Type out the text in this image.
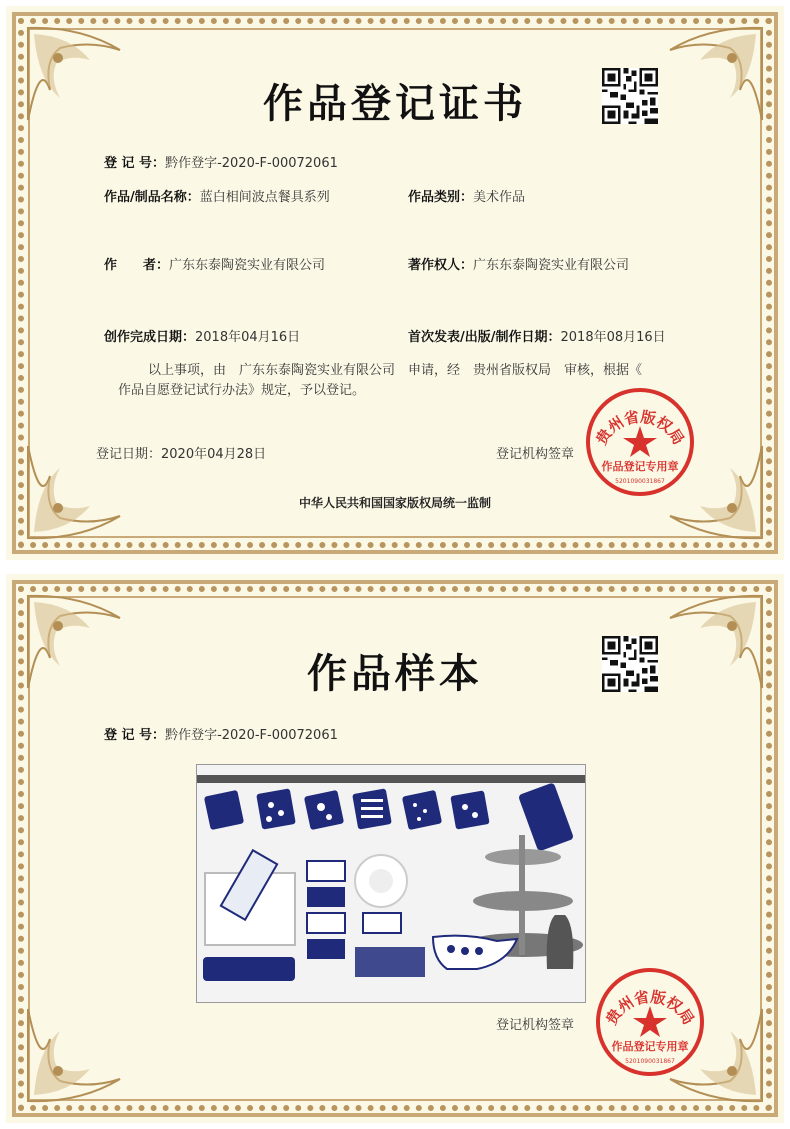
作品登记证书
登 记 号：黔作登字-2020-F-00072061
作品/制品名称：蓝白相间波点餐具系列	作品类别：美术作品
作　　者：广东东泰陶瓷实业有限公司	著作权人：广东东泰陶瓷实业有限公司
创作完成日期：2018年04月16日	首次发表/出版/制作日期：2018年08月16日
以上事项，由　广东东泰陶瓷实业有限公司　申请，经　贵州省版权局　审核，根据《
作品自愿登记试行办法》规定，予以登记。
登记日期：2020年04月28日	登记机构签章
贵州省版权局
作品登记专用章
5201090031867
中华人民共和国国家版权局统一监制
作品样本
登 记 号：黔作登字-2020-F-00072061
登记机构签章 贵州省版权局
作品登记专用章
5201090031867
